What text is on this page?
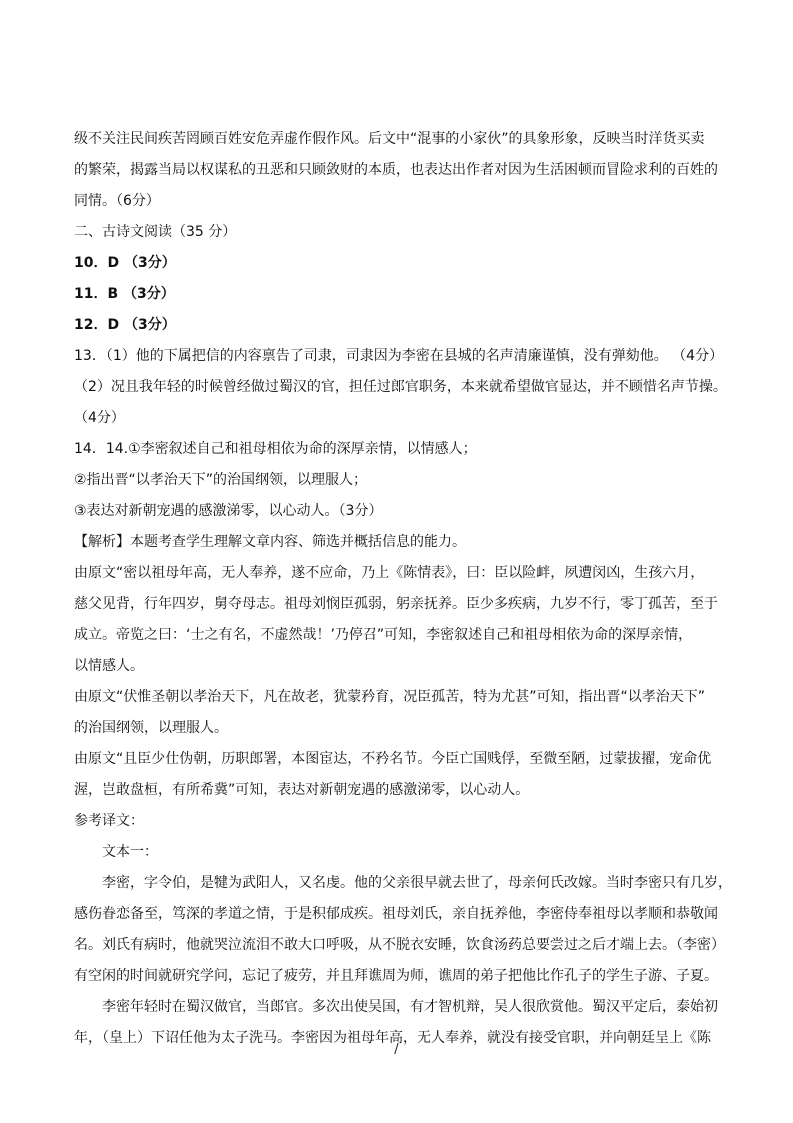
级不关注民间疾苦罔顾百姓安危弄虚作假作风。后文中“混事的小家伙”的具象形象，反映当时洋货买卖
的繁荣，揭露当局以权谋私的丑恶和只顾敛财的本质，也表达出作者对因为生活困顿而冒险求利的百姓的
同情。（6分）
二、古诗文阅读（35 分）
10．D （3分）
11．B （3分）
12．D （3分）
13．（1）他的下属把信的内容禀告了司隶，司隶因为李密在县城的名声清廉谨慎，没有弹劾他。 （4分）
（2）况且我年轻的时候曾经做过蜀汉的官，担任过郎官职务，本来就希望做官显达，并不顾惜名声节操。
（4分）
14．14.①李密叙述自己和祖母相依为命的深厚亲情，以情感人；
②指出晋“以孝治天下”的治国纲领，以理服人；
③表达对新朝宠遇的感激涕零，以心动人。（3分）
【解析】本题考查学生理解文章内容、筛选并概括信息的能力。
由原文“密以祖母年高，无人奉养，遂不应命，乃上《陈情表》，曰：臣以险衅，夙遭闵凶，生孩六月，
慈父见背，行年四岁，舅夺母志。祖母刘悯臣孤弱，躬亲抚养。臣少多疾病，九岁不行，零丁孤苦，至于
成立。帝览之曰：‘士之有名，不虚然哉！’乃停召”可知，李密叙述自己和祖母相依为命的深厚亲情，
以情感人。
由原文“伏惟圣朝以孝治天下，凡在故老，犹蒙矜育，况臣孤苦，特为尤甚”可知，指出晋“以孝治天下”
的治国纲领，以理服人。
由原文“且臣少仕伪朝，历职郎署，本图宦达，不矜名节。今臣亡国贱俘，至微至陋，过蒙拔擢，宠命优
渥，岂敢盘桓，有所希冀”可知，表达对新朝宠遇的感激涕零，以心动人。
参考译文：
文本一：
李密，字令伯，是犍为武阳人，又名虔。他的父亲很早就去世了，母亲何氏改嫁。当时李密只有几岁，
感伤眷恋备至，笃深的孝道之情，于是积郁成疾。祖母刘氏，亲自抚养他，李密侍奉祖母以孝顺和恭敬闻
名。刘氏有病时，他就哭泣流泪不敢大口呼吸，从不脱衣安睡，饮食汤药总要尝过之后才端上去。（李密）
有空闲的时间就研究学问，忘记了疲劳，并且拜谯周为师，谯周的弟子把他比作孔子的学生子游、子夏。
李密年轻时在蜀汉做官，当郎官。多次出使吴国，有才智机辩，吴人很欣赏他。蜀汉平定后，泰始初
年，（皇上）下诏任他为太子洗马。李密因为祖母年高，无人奉养，就没有接受官职，并向朝廷呈上《陈
/
